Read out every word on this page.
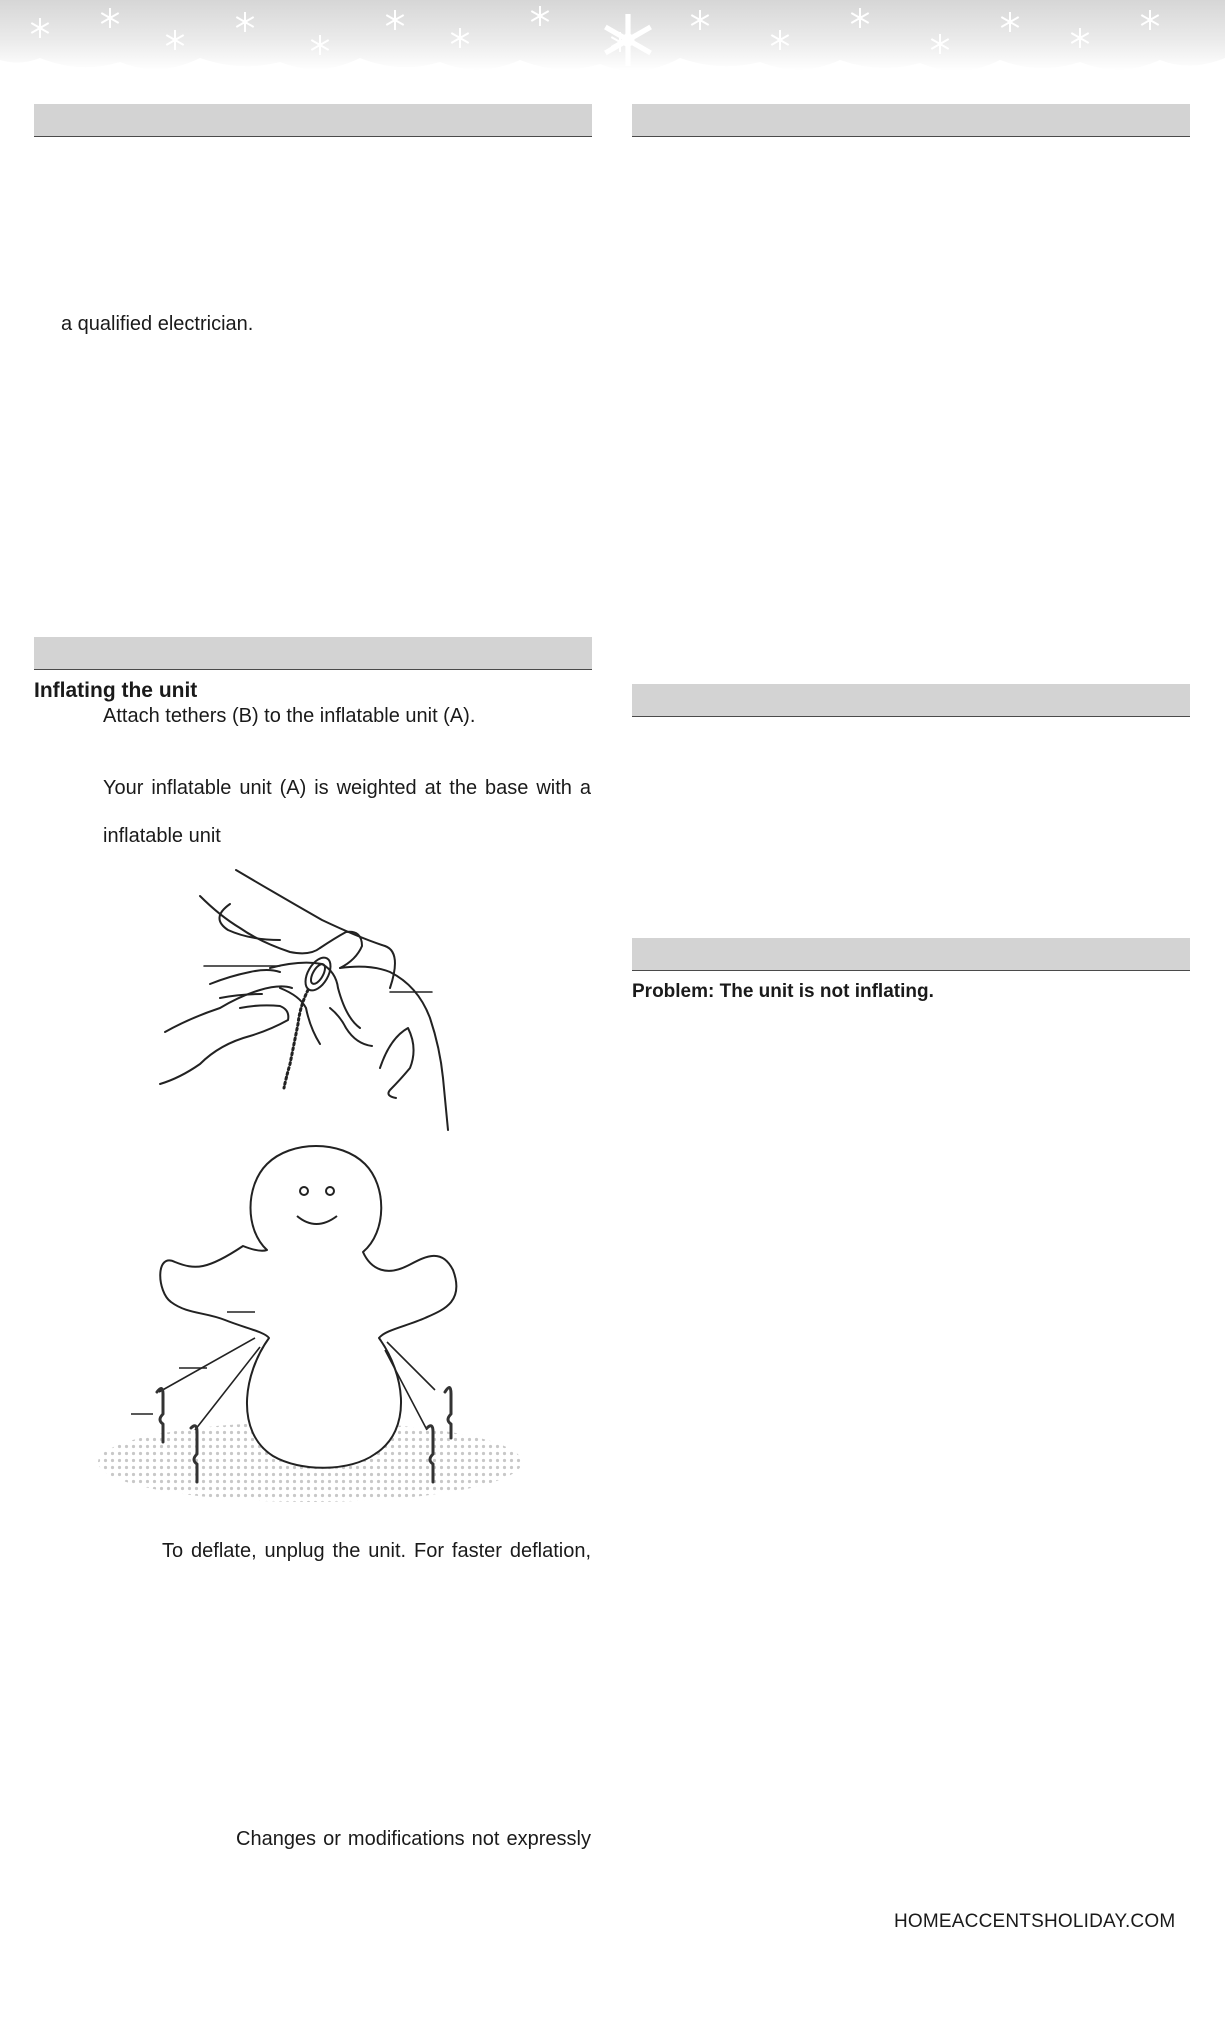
a qualified electrician.
Inflating the unit
Attach tethers (B) to the inflatable unit (A).
Your inflatable unit (A) is weighted at the base with a
inflatable unit
To deflate, unplug the unit. For faster deflation,
Changes or modifications not expressly
Problem: The unit is not inflating.
HOMEACCENTSHOLIDAY.COM
